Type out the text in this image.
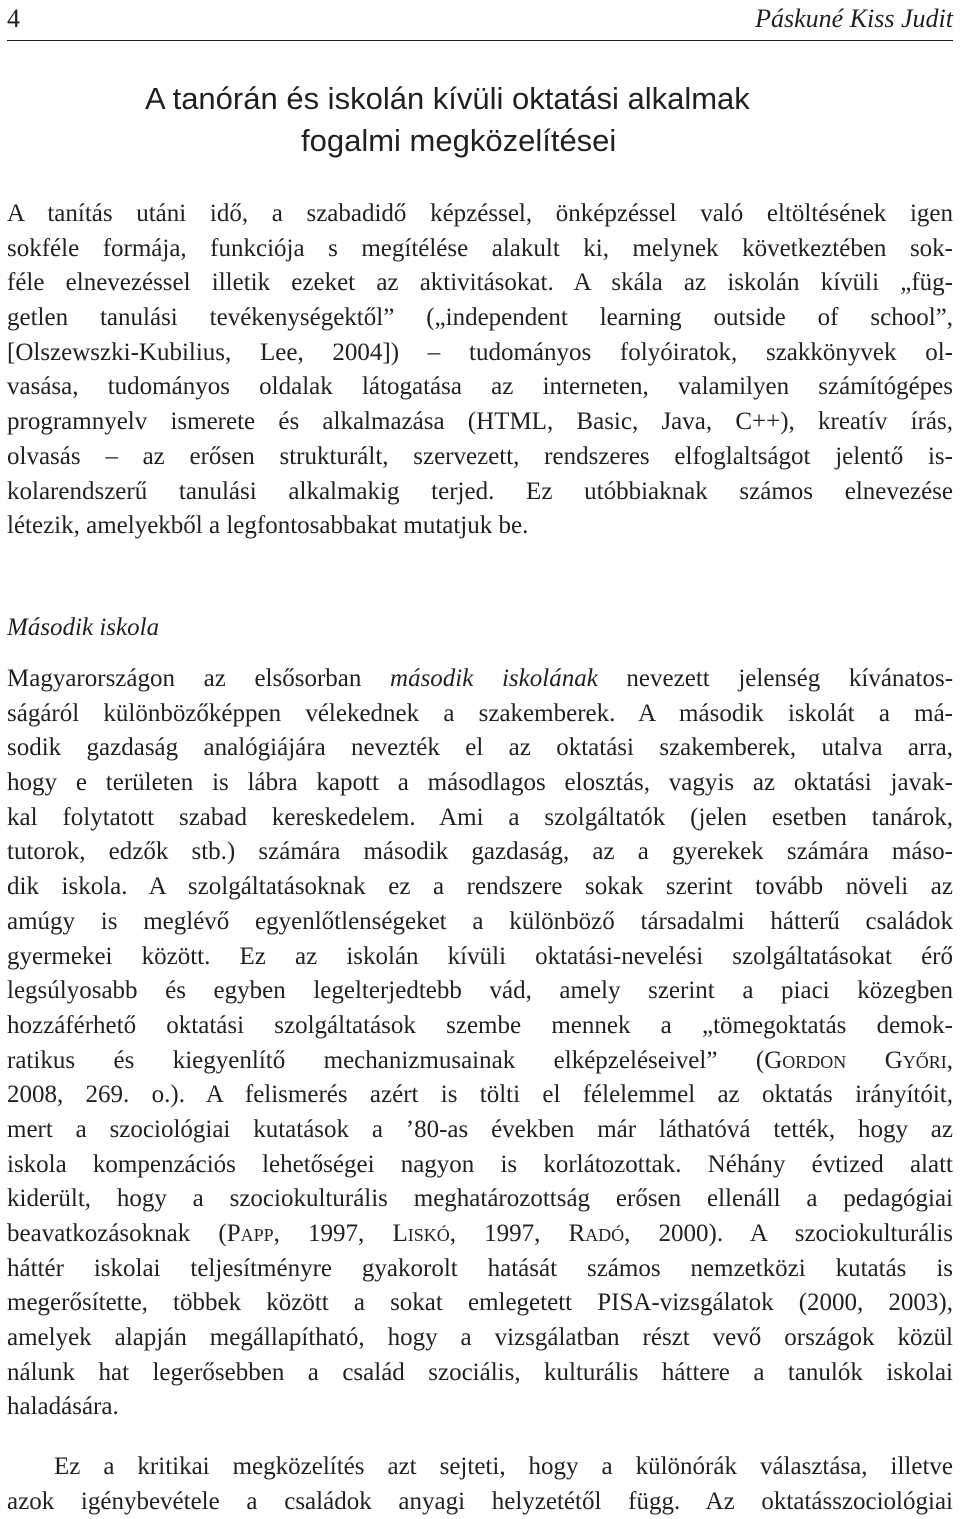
4	Páskuné Kiss Judit
A tanórán és iskolán kívüli oktatási alkalmak
fogalmi megközelítései
A tanítás utáni idő, a szabadidő képzéssel, önképzéssel való eltöltésének igen
sokféle formája, funkciója s megítélése alakult ki, melynek következtében sok-
féle elnevezéssel illetik ezeket az aktivitásokat. A skála az iskolán kívüli „füg-
getlen tanulási tevékenységektől” („independent learning outside of school”,
[Olszewszki-Kubilius, Lee, 2004]) – tudományos folyóiratok, szakkönyvek ol-
vasása, tudományos oldalak látogatása az interneten, valamilyen számítógépes
programnyelv ismerete és alkalmazása (HTML, Basic, Java, C++), kreatív írás,
olvasás – az erősen strukturált, szervezett, rendszeres elfoglaltságot jelentő is-
kolarendszerű tanulási alkalmakig terjed. Ez utóbbiaknak számos elnevezése
létezik, amelyekből a legfontosabbakat mutatjuk be.
Második iskola
Magyarországon az elsősorban második iskolának nevezett jelenség kívánatos-
ságáról különbözőképpen vélekednek a szakemberek. A második iskolát a má-
sodik gazdaság analógiájára nevezték el az oktatási szakemberek, utalva arra,
hogy e területen is lábra kapott a másodlagos elosztás, vagyis az oktatási javak-
kal folytatott szabad kereskedelem. Ami a szolgáltatók (jelen esetben tanárok,
tutorok, edzők stb.) számára második gazdaság, az a gyerekek számára máso-
dik iskola. A szolgáltatásoknak ez a rendszere sokak szerint tovább növeli az
amúgy is meglévő egyenlőtlenségeket a különböző társadalmi hátterű családok
gyermekei között. Ez az iskolán kívüli oktatási-nevelési szolgáltatásokat érő
legsúlyosabb és egyben legelterjedtebb vád, amely szerint a piaci közegben
hozzáférhető oktatási szolgáltatások szembe mennek a „tömegoktatás demok-
ratikus és kiegyenlítő mechanizmusainak elképzeléseivel” (Gordon Győri,
2008, 269. o.). A felismerés azért is tölti el félelemmel az oktatás irányítóit,
mert a szociológiai kutatások a ’80-as években már láthatóvá tették, hogy az
iskola kompenzációs lehetőségei nagyon is korlátozottak. Néhány évtized alatt
kiderült, hogy a szociokulturális meghatározottság erősen ellenáll a pedagógiai
beavatkozásoknak (Papp, 1997, Liskó, 1997, Radó, 2000). A szociokulturális
háttér iskolai teljesítményre gyakorolt hatását számos nemzetközi kutatás is
megerősítette, többek között a sokat emlegetett PISA-vizsgálatok (2000, 2003),
amelyek alapján megállapítható, hogy a vizsgálatban részt vevő országok közül
nálunk hat legerősebben a család szociális, kulturális háttere a tanulók iskolai
haladására.
Ez a kritikai megközelítés azt sejteti, hogy a különórák választása, illetve
azok igénybevétele a családok anyagi helyzetétől függ. Az oktatásszociológiai
